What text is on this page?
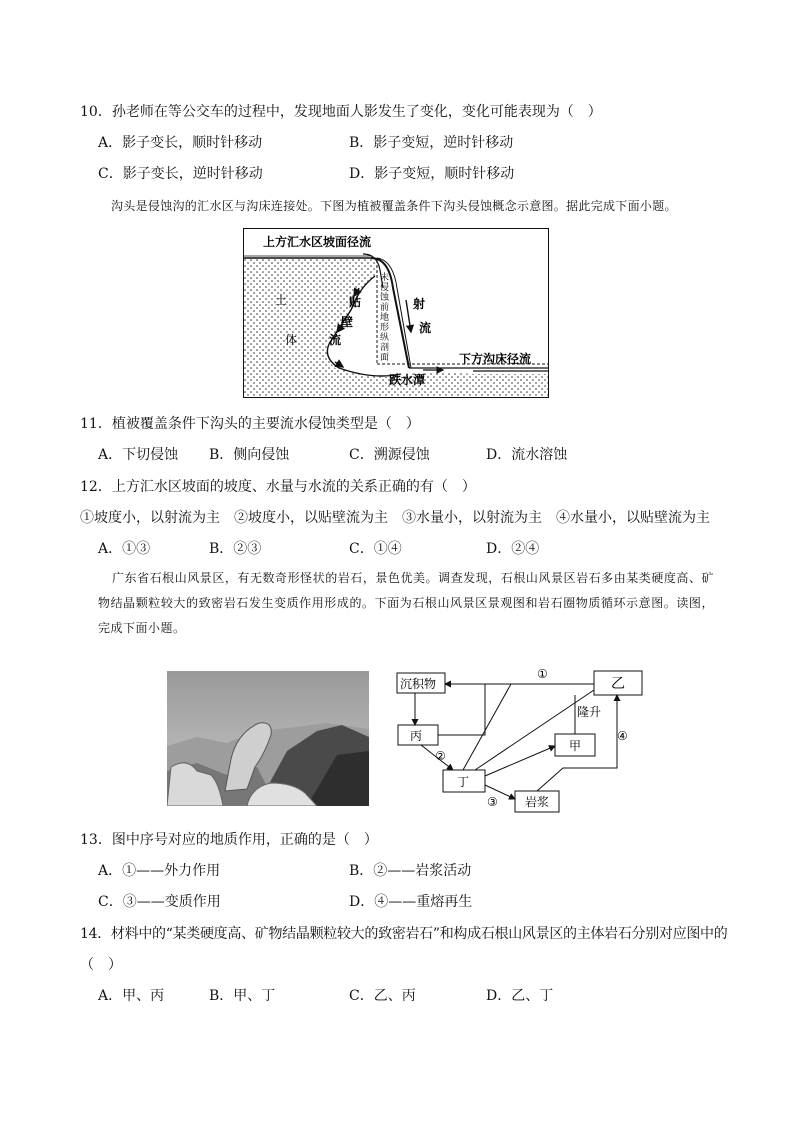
10．孙老师在等公交车的过程中，发现地面人影发生了变化，变化可能表现为（　）
A．影子变长，顺时针移动	B．影子变短，逆时针移动
C．影子变长，逆时针移动	D．影子变短，顺时针移动
沟头是侵蚀沟的汇水区与沟床连接处。下图为植被覆盖条件下沟头侵蚀概念示意图。据此完成下面小题。
上方汇水区坡面径流
土
体
贴
壁
流
未
侵
蚀
前
地
形
纵
剖
面
射
流
下方沟床径流
跌水潭
11．植被覆盖条件下沟头的主要流水侵蚀类型是（　）
A．下切侵蚀 B．侧向侵蚀	C．溯源侵蚀	D．流水溶蚀
12．上方汇水区坡面的坡度、水量与水流的关系正确的有（　）
①坡度小，以射流为主　②坡度小，以贴壁流为主　③水量小，以射流为主　④水量小，以贴壁流为主
A．①③	B．②③	C．①④	D．②④
广东省石根山风景区，有无数奇形怪状的岩石，景色优美。调查发现，石根山风景区岩石多由某类硬度高、矿物结晶颗粒较大的致密岩石发生变质作用形成的。下面为石根山风景区景观图和岩石圈物质循环示意图。读图，完成下面小题。
沉积物	乙
丙
甲
丁
岩浆
隆升
①
②
③
④
13．图中序号对应的地质作用，正确的是（　）
A．①——外力作用	B．②——岩浆活动
C．③——变质作用	D．④——重熔再生
14．材料中的“某类硬度高、矿物结晶颗粒较大的致密岩石”和构成石根山风景区的主体岩石分别对应图中的
（　）
A．甲、丙	B．甲、丁	C．乙、丙	D．乙、丁
